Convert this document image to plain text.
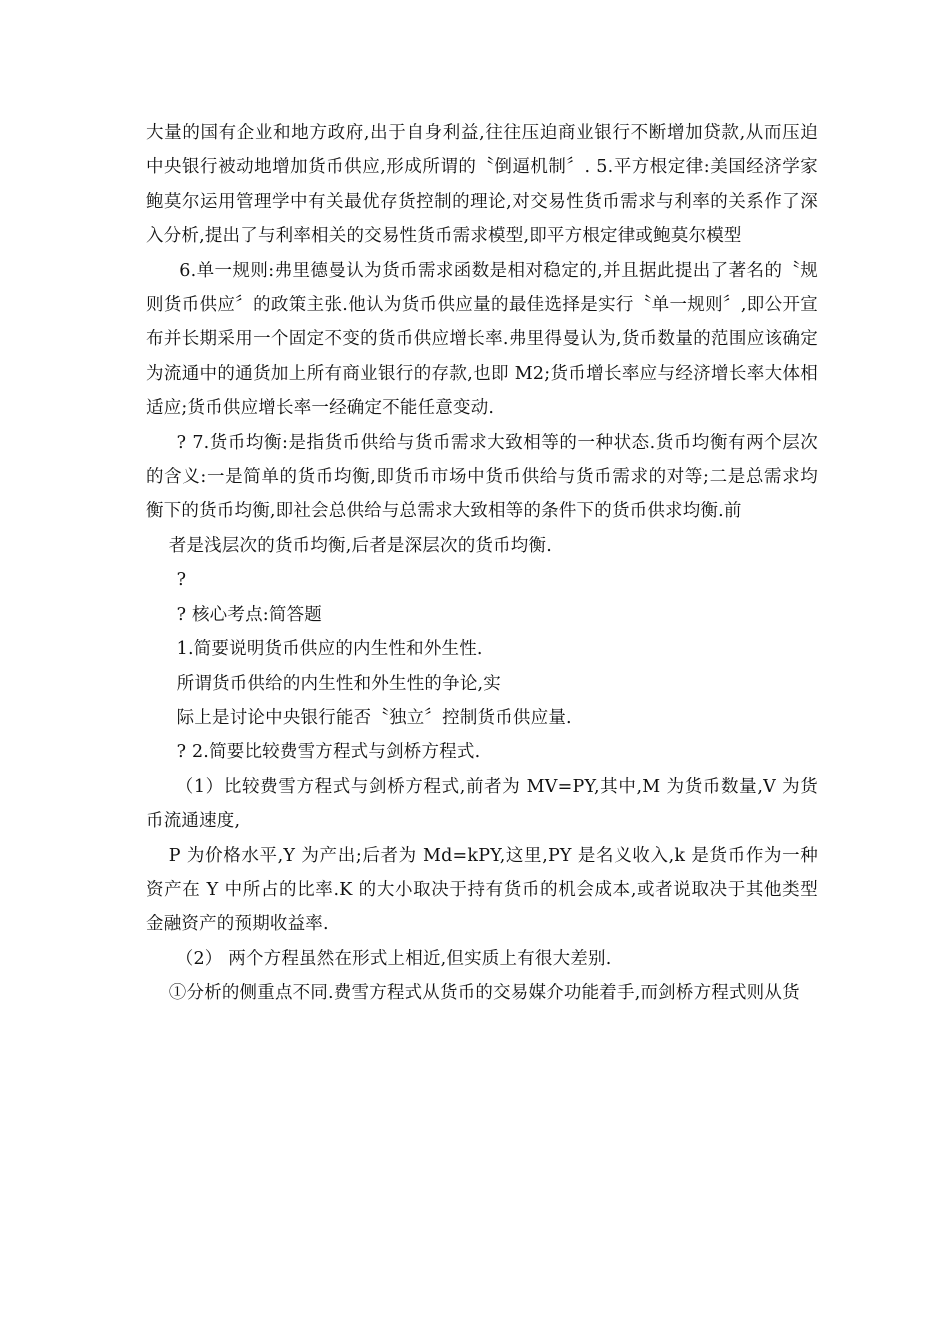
大量的国有企业和地方政府,出于自身利益,往往压迫商业银行不断增加贷款,从而压迫中央银行被动地增加货币供应,形成所谓的〝倒逼机制〞. 5.平方根定律:美国经济学家鲍莫尔运用管理学中有关最优存货控制的理论,对交易性货币需求与利率的关系作了深入分析,提出了与利率相关的交易性货币需求模型,即平方根定律或鲍莫尔模型

6.单一规则:弗里德曼认为货币需求函数是相对稳定的,并且据此提出了著名的〝规则货币供应〞的政策主张.他认为货币供应量的最佳选择是实行〝单一规则〞,即公开宣布并长期采用一个固定不变的货币供应增长率.弗里得曼认为,货币数量的范围应该确定为流通中的通货加上所有商业银行的存款,也即 M2;货币增长率应与经济增长率大体相适应;货币供应增长率一经确定不能任意变动.

? 7.货币均衡:是指货币供给与货币需求大致相等的一种状态.货币均衡有两个层次的含义:一是简单的货币均衡,即货币市场中货币供给与货币需求的对等;二是总需求均衡下的货币均衡,即社会总供给与总需求大致相等的条件下的货币供求均衡.前

者是浅层次的货币均衡,后者是深层次的货币均衡.

?

? 核心考点:简答题

1.简要说明货币供应的内生性和外生性.

所谓货币供给的内生性和外生性的争论,实

际上是讨论中央银行能否〝独立〞控制货币供应量.

? 2.简要比较费雪方程式与剑桥方程式.

（1）比较费雪方程式与剑桥方程式,前者为 MV=PY,其中,M 为货币数量,V 为货币流通速度,

P 为价格水平,Y 为产出;后者为 Md=kPY,这里,PY 是名义收入,k 是货币作为一种资产在 Y 中所占的比率.K 的大小取决于持有货币的机会成本,或者说取决于其他类型金融资产的预期收益率.

（2） 两个方程虽然在形式上相近,但实质上有很大差别.

①分析的侧重点不同.费雪方程式从货币的交易媒介功能着手,而剑桥方程式则从货
